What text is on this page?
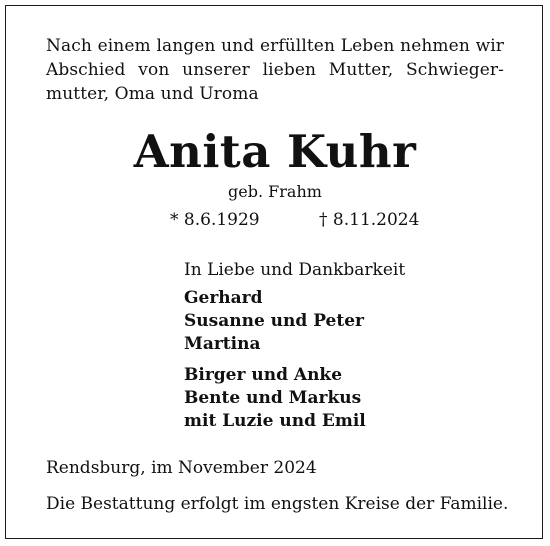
Nach einem langen und erfüllten Leben nehmen wir
Abschied von unserer lieben Mutter, Schwieger-
mutter, Oma und Uroma
Anita Kuhr
geb. Frahm
* 8.6.1929	† 8.11.2024
In Liebe und Dankbarkeit
Gerhard
Susanne und Peter
Martina
Birger und Anke
Bente und Markus
mit Luzie und Emil
Rendsburg, im November 2024
Die Bestattung erfolgt im engsten Kreise der Familie.
